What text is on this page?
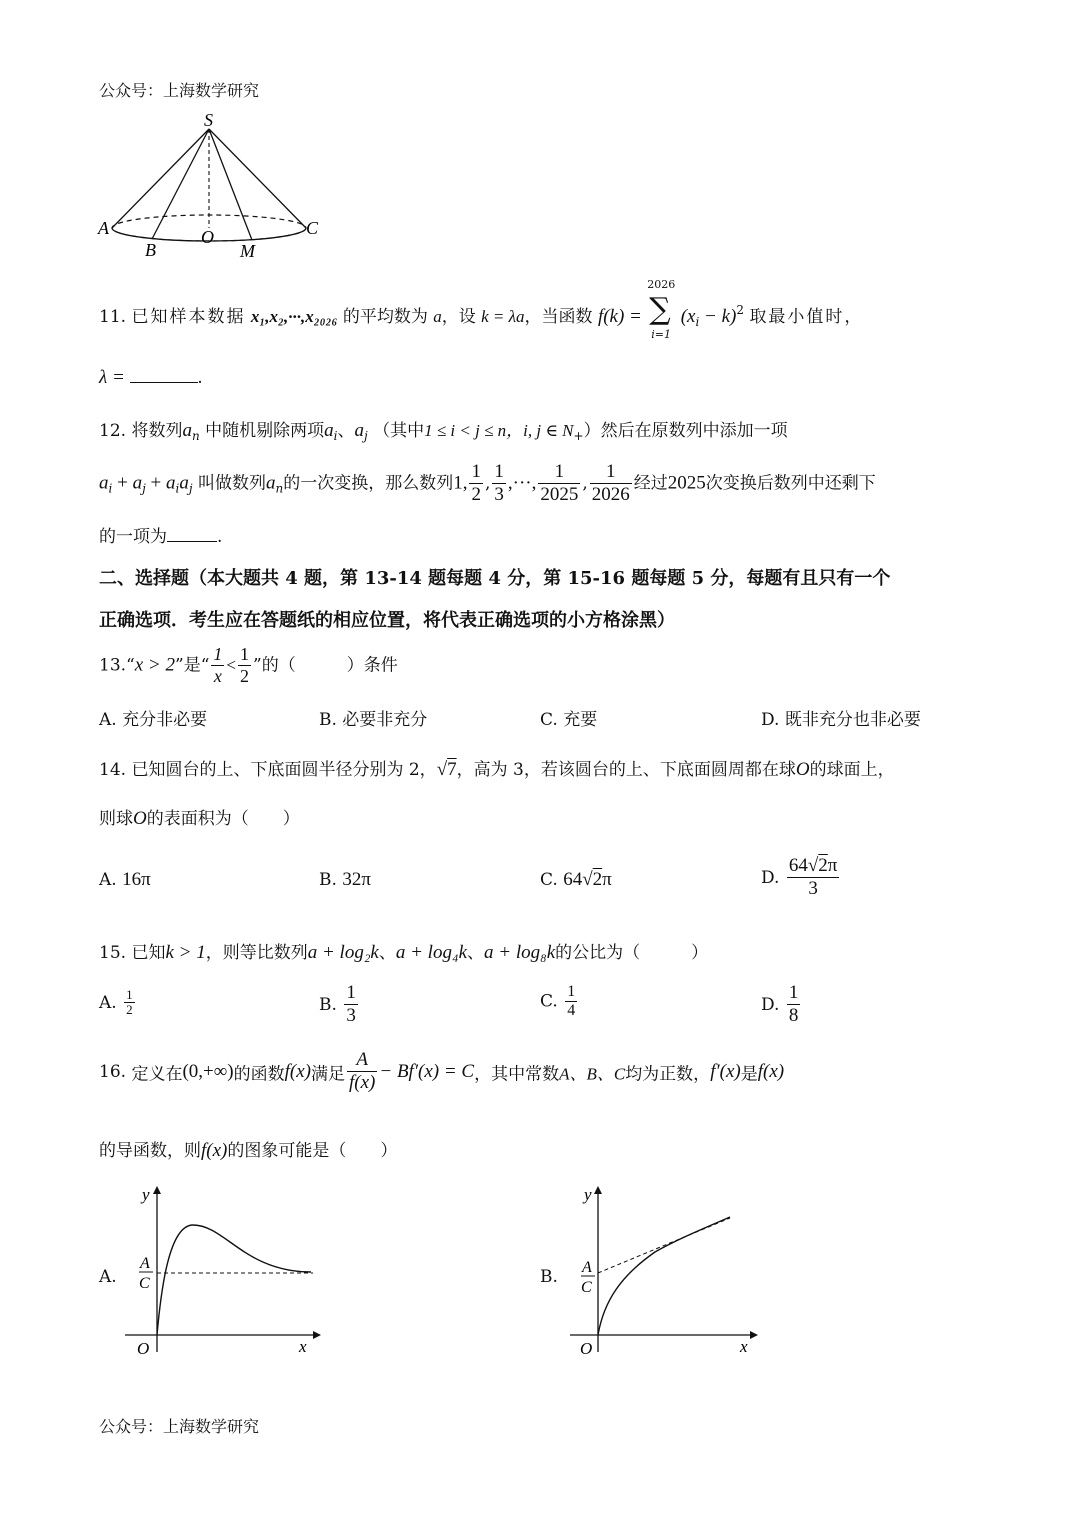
公众号：上海数学研究
S
A
B
O
M
C
11. 已知样本数据 x₁,x₂,···,x₂₀₂₆ 的平均数为 a，设 k = λa，当函数 f(k) =
2026
∑
i=1
$(x_i - k)^2$ 取最小值时，
λ =	.
12. 将数列$a_n$ 中随机剔除两项$a_i$、$a_j$ （其中1 ≤ i < j ≤ n，i, j ∈ $N_+$）然后在原数列中添加一项
$a_i + a_j + a_ia_j$ 叫做数列$a_n$的一次变换，那么数列1, $\frac{1}{2}$ , $\frac{1}{3}$ ,···, $\frac{1}{2025}$ , $\frac{1}{2026}$ 经过2025次变换后数列中还剩下
的一项为	.
二、选择题（本大题共 4 题，第 13-14 题每题 4 分，第 15-16 题每题 5 分，每题有且只有一个
正确选项．考生应在答题纸的相应位置，将代表正确选项的小方格涂黑）
13.“x > 2”是“ $\frac{1}{x} < \frac{1}{2}$ ”的（　　　）条件
A. 充分非必要	B. 必要非充分	C. 充要	D. 既非充分也非必要
14. 已知圆台的上、下底面圆半径分别为 2，√7，高为 3，若该圆台的上、下底面圆周都在球O的球面上，
则球O的表面积为（　　）
A. 16π	B. 32π	C. 64√2π	D. $\frac{64√2\pi}{3}$
15. 已知k > 1，则等比数列a + log₂k、a + log₄k、a + log₈k的公比为（　　　）
A. $\frac{1}{2}$	B. $\frac{1}{3}$	C. $\frac{1}{4}$	D. $\frac{1}{8}$
16. 定义在(0,+∞)的函数f(x)满足 $\frac{A}{f(x)} - Bf'(x) = C$，其中常数A、B、C均为正数，f′(x)是f(x)
的导函数，则f(x)的图象可能是（　　）
A.
y
x
O
A
C	B.
y
x
O
A
C
公众号：上海数学研究
